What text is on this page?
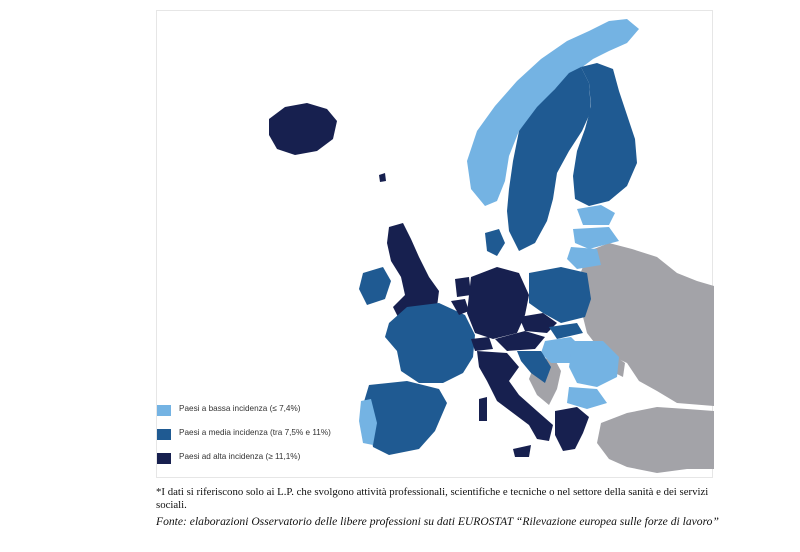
Paesi a bassa incidenza (≤ 7,4%)
Paesi a media incidenza (tra 7,5% e 11%)
Paesi ad alta incidenza (≥ 11,1%)
*I dati si riferiscono solo ai L.P. che svolgono attività professionali, scientifiche e tecniche o nel settore della sanità e dei servizi sociali.
Fonte: elaborazioni Osservatorio delle libere professioni su dati EUROSTAT “Rilevazione europea sulle forze di lavoro”
